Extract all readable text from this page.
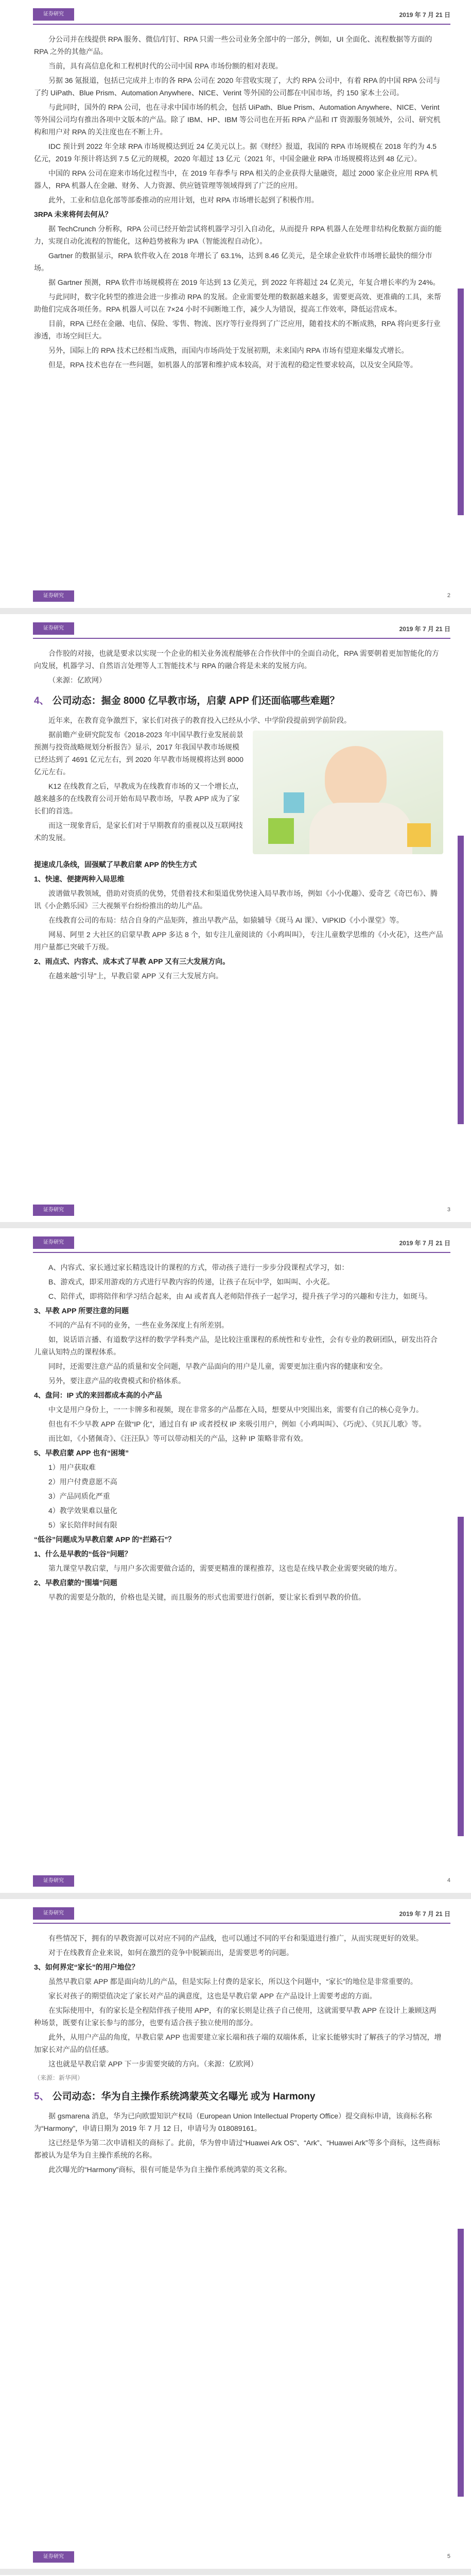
证券研究	2019 年 7 月 21 日

分公司并在线提供 RPA 服务、微信/钉钉、RPA 只需一些公司业务全部中的一部分，例如，UI 全面化、流程数据等方面的 RPA 之外的其他产品。

当前，具有高信息化和工程机时代的公司中国 RPA 市场份额的相对表现。

另据 36 氪报道，包括已完成并上市的各 RPA 公司在 2020 年营收实现了，大约 RPA 公司中，有着 RPA 的中国 RPA 公司与了约 UiPath、Blue Prism、Automation Anywhere、NICE、Verint 等外国的公司都在中国市场，约 150 家本土公司。

与此同时，国外的 RPA 公司，也在寻求中国市场的机会，包括 UiPath、Blue Prism、Automation Anywhere、NICE、Verint 等外国公司均有推出各项中文版本的产品。除了 IBM、HP、IBM 等公司也在开拓 RPA 产品和 IT 资源服务领域外，公司、研究机构和用户对 RPA 的关注度也在不断上升。

IDC 预计到 2022 年全球 RPA 市场规模达到近 24 亿美元以上。据《财经》报道，我国的 RPA 市场规模在 2018 年约为 4.5 亿元，2019 年预计将达到 7.5 亿元的规模，2020 年超过 13 亿元（2021 年，中国金融业 RPA 市场规模将达到 48 亿元）。

中国的 RPA 公司在迎来市场化过程当中，在 2019 年春季与 RPA 相关的企业获得大量融资，超过 2000 家企业应用 RPA 机器人，RPA 机器人在金融、财务、人力资源、供应链管理等领域得到了广泛的应用。

此外，工业和信息化部等部委推动的应用计划，也对 RPA 市场增长起到了积极作用。

3RPA 未来将何去何从？

据 TechCrunch 分析称，RPA 公司已经开始尝试将机器学习引入自动化，从而提升 RPA 机器人在处理非结构化数据方面的能力，实现自动化流程的智能化，这种趋势被称为 IPA（智能流程自动化）。

Gartner 的数据显示，RPA 软件收入在 2018 年增长了 63.1%，达到 8.46 亿美元，是全球企业软件市场增长最快的细分市场。

据 Gartner 预测，RPA 软件市场规模将在 2019 年达到 13 亿美元，到 2022 年将超过 24 亿美元，年复合增长率约为 24%。

与此同时，数字化转型的推进会进一步推动 RPA 的发展。企业需要处理的数据越来越多，需要更高效、更准确的工具，来帮助他们完成各项任务。RPA 机器人可以在 7×24 小时不间断地工作，减少人为错误，提高工作效率，降低运营成本。

目前，RPA 已经在金融、电信、保险、零售、物流、医疗等行业得到了广泛应用，随着技术的不断成熟，RPA 将向更多行业渗透，市场空间巨大。

另外，国际上的 RPA 技术已经相当成熟，而国内市场尚处于发展初期，未来国内 RPA 市场有望迎来爆发式增长。

但是，RPA 技术也存在一些问题，如机器人的部署和维护成本较高，对于流程的稳定性要求较高，以及安全风险等。

证券研究	2
证券研究	2019 年 7 月 21 日

合作胶的对接，也就是要求以实现一个企业的相关业务流程能够在合作伙伴中的全面自动化，RPA 需要朝着更加智能化的方向发展，机器学习、自然语言处理等人工智能技术与 RPA 的融合将是未来的发展方向。

（来源：亿欧网）

4、 公司动态：掘金 8000 亿早教市场，启蒙 APP 们还面临哪些难题？

近年来，在教育竞争激烈下，家长们对孩子的教育投入已经从小学、中学阶段提前到学前阶段。

据前瞻产业研究院发布《2018-2023 年中国早教行业发展前景预测与投资战略规划分析报告》显示，2017 年我国早教市场规模已经达到了 4691 亿元左右，到 2020 年早教市场规模将达到 8000 亿元左右。

K12 在线教育之后，早教成为在线教育市场的又一个增长点，越来越多的在线教育公司开始布局早教市场，早教 APP 成为了家长们的首选。

而这一现象背后，是家长们对于早期教育的重视以及互联网技术的发展。

提速成几条线，固强赋了早教启蒙 APP 的快生方式

1、快速、便捷两种入局思维

波谱做早教领域，借助对资质的优势，凭借着技术和渠道优势快速入局早教市场，例如《小小优趣》、爱奇艺《奇巴布》、腾讯《小企鹅乐园》三大视频平台纷纷推出的幼儿产品。

在线教育公司的布局：结合自身的产品矩阵，推出早教产品，如猿辅导《斑马 AI 课》、VIPKID《小小课堂》等。

网易、阿里 2 大社区的启蒙早教 APP 多达 8 个，如专注儿童阅读的《小鸡叫叫》，专注儿童数学思维的《小火花》，这些产品用户量都已突破千万级。

2、雨点式、内容式、成本式了早教 APP 又有三大发展方向。

在越来越“引导”上，早教启蒙 APP 又有三大发展方向。

证券研究	3
证券研究	2019 年 7 月 21 日

A、内容式、家长通过家长精选设计的课程的方式，带动孩子进行一步步分段课程式学习，如：

B、游戏式，即采用游戏的方式进行早教内容的传递，让孩子在玩中学，如叫叫、小火花。

C、陪伴式，即将陪伴和学习结合起来，由 AI 或者真人老师陪伴孩子一起学习，提升孩子学习的兴趣和专注力，如斑马。

3、早教 APP 所要注意的问题

不同的产品有不同的业务，一些在业务深度上有所差别。

如，说话语言播、有道数学这样的数学学科类产品，是比较注重课程的系统性和专业性，会有专业的教研团队，研发出符合儿童认知特点的课程体系。

同时，还需要注意产品的质量和安全问题，早教产品面向的用户是儿童，需要更加注重内容的健康和安全。

另外，要注意产品的收费模式和价格体系。

4、盘问：IP 式的来回都成本高的小产品

中文是用户身份上，一一卡牌多和视频，现在非常多的产品都在入局，想要从中突围出来，需要有自己的核心竞争力。

但也有不少早教 APP 在做“IP 化”，通过自有 IP 或者授权 IP 来吸引用户，例如《小鸡叫叫》、《巧虎》、《贝瓦儿歌》等。

而比如，《小猪佩奇》、《汪汪队》等可以带动相关的产品，这种 IP 策略非常有效。

5、早教启蒙 APP 也有“困境”

1）用户获取难

2）用户付费意愿不高

3）产品同质化严重

4）教学效果难以量化

5）家长陪伴时间有限

“低谷”问题成为早教启蒙 APP 的“拦路石”？

1、什么是早教的“低谷”问题？

第九课堂早教启蒙，与用户多次需要做合适的，需要更精准的课程推荐，这也是在线早教企业需要突破的地方。

2、早教启蒙的“围墙”问题

早教的需要是分散的，价格也是关键，而且服务的形式也需要进行创新，要让家长看到早教的价值。

证券研究	4
证券研究	2019 年 7 月 21 日

有些情况下，拥有的早教资源可以对应不同的产品线，也可以通过不同的平台和渠道进行推广，从而实现更好的效果。

对于在线教育企业来说，如何在激烈的竞争中脱颖而出，是需要思考的问题。

3、如何界定“家长”的用户地位？

虽然早教启蒙 APP 都是面向幼儿的产品，但是实际上付费的是家长，所以这个问题中，“家长”的地位是非常重要的。

家长对孩子的期望值决定了家长对产品的满意度，这也是早教启蒙 APP 在产品设计上需要考虑的方面。

在实际使用中，有的家长是全程陪伴孩子使用 APP，有的家长则是让孩子自己使用，这就需要早教 APP 在设计上兼顾这两种场景，既要有让家长参与的部分，也要有适合孩子独立使用的部分。

此外，从用户产品的角度，早教启蒙 APP 也需要建立家长端和孩子端的双端体系，让家长能够实时了解孩子的学习情况，增加家长对产品的信任感。

这也就是早教启蒙 APP 下一步需要突破的方向。（来源：亿欧网）

（来源：新华网）

5、 公司动态：华为自主操作系统鸿蒙英文名曝光 或为 Harmony

据 gsmarena 消息，华为已向欧盟知识产权局（European Union Intellectual Property Office）提交商标申请，该商标名称为“Harmony”，申请日期为 2019 年 7 月 12 日，申请号为 018089161。

这已经是华为第二次申请相关的商标了。此前，华为曾申请过“Huawei Ark OS”、“Ark”、“Huawei Ark”等多个商标，这些商标都被认为是华为自主操作系统的名称。

此次曝光的“Harmony”商标，很有可能是华为自主操作系统鸿蒙的英文名称。

证券研究	5
